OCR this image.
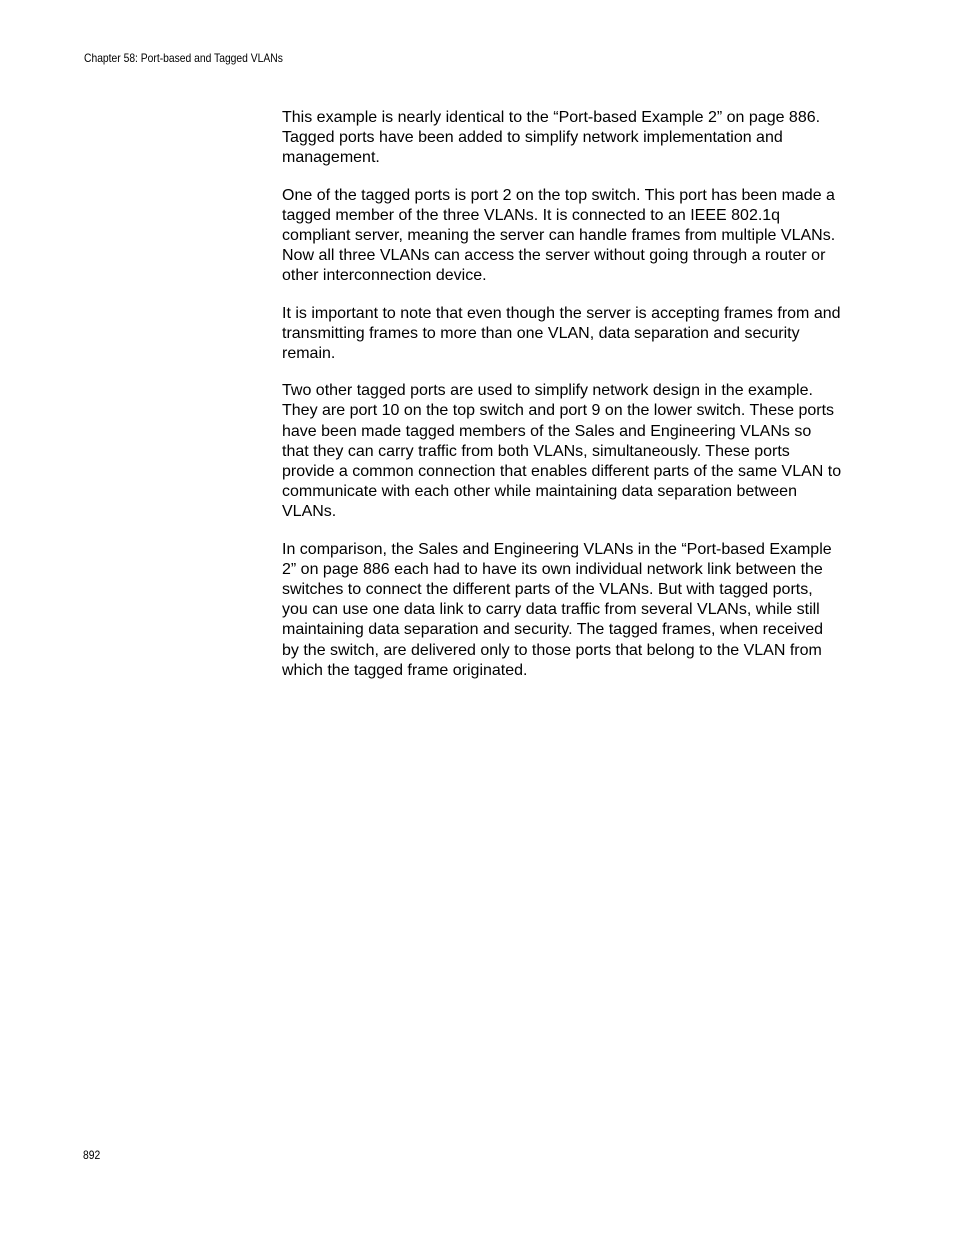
Chapter 58: Port-based and Tagged VLANs

This example is nearly identical to the “Port-based Example 2” on page 886. Tagged ports have been added to simplify network implementation and management.

One of the tagged ports is port 2 on the top switch. This port has been made a tagged member of the three VLANs. It is connected to an IEEE 802.1q compliant server, meaning the server can handle frames from multiple VLANs. Now all three VLANs can access the server without going through a router or other interconnection device.

It is important to note that even though the server is accepting frames from and transmitting frames to more than one VLAN, data separation and security remain.

Two other tagged ports are used to simplify network design in the example. They are port 10 on the top switch and port 9 on the lower switch. These ports have been made tagged members of the Sales and Engineering VLANs so that they can carry traffic from both VLANs, simultaneously. These ports provide a common connection that enables different parts of the same VLAN to communicate with each other while maintaining data separation between VLANs.

In comparison, the Sales and Engineering VLANs in the “Port-based Example 2” on page 886 each had to have its own individual network link between the switches to connect the different parts of the VLANs. But with tagged ports, you can use one data link to carry data traffic from several VLANs, while still maintaining data separation and security. The tagged frames, when received by the switch, are delivered only to those ports that belong to the VLAN from which the tagged frame originated.

892
